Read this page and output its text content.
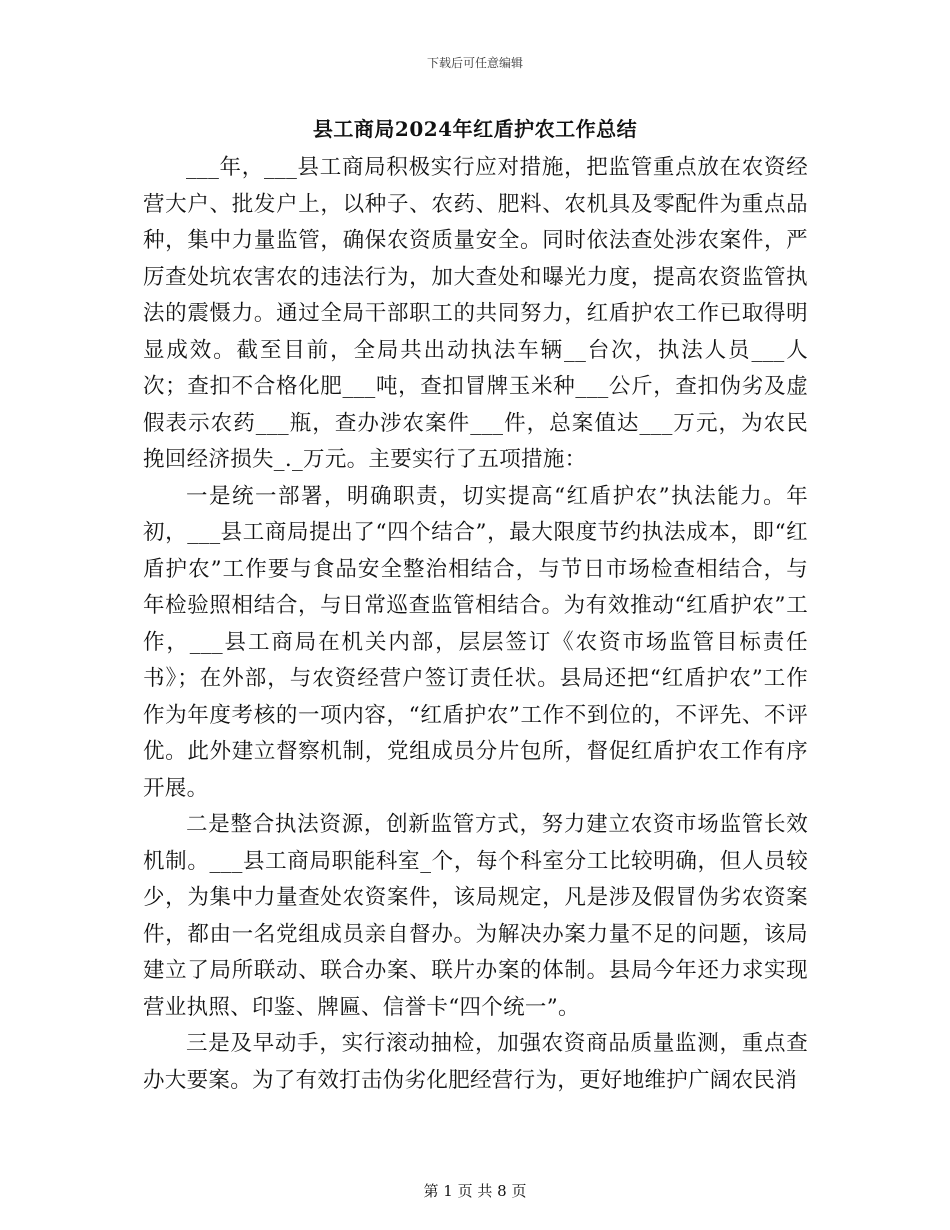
下载后可任意编辑
县工商局2024年红盾护农工作总结

___年，___县工商局积极实行应对措施，把监管重点放在农资经营大户、批发户上，以种子、农药、肥料、农机具及零配件为重点品种，集中力量监管，确保农资质量安全。同时依法查处涉农案件，严厉查处坑农害农的违法行为，加大查处和曝光力度，提高农资监管执法的震慑力。通过全局干部职工的共同努力，红盾护农工作已取得明显成效。截至目前，全局共出动执法车辆__台次，执法人员___人次；查扣不合格化肥___吨，查扣冒牌玉米种___公斤，查扣伪劣及虚假表示农药___瓶，查办涉农案件___件，总案值达___万元，为农民挽回经济损失_._万元。主要实行了五项措施：

一是统一部署，明确职责，切实提高“红盾护农”执法能力。年初，___县工商局提出了“四个结合”，最大限度节约执法成本，即“红盾护农”工作要与食品安全整治相结合，与节日市场检查相结合，与年检验照相结合，与日常巡查监管相结合。为有效推动“红盾护农”工作，___县工商局在机关内部，层层签订《农资市场监管目标责任书》；在外部，与农资经营户签订责任状。县局还把“红盾护农”工作作为年度考核的一项内容，“红盾护农”工作不到位的，不评先、不评优。此外建立督察机制，党组成员分片包所，督促红盾护农工作有序开展。

二是整合执法资源，创新监管方式，努力建立农资市场监管长效机制。___县工商局职能科室_个，每个科室分工比较明确，但人员较少，为集中力量查处农资案件，该局规定，凡是涉及假冒伪劣农资案件，都由一名党组成员亲自督办。为解决办案力量不足的问题，该局建立了局所联动、联合办案、联片办案的体制。县局今年还力求实现营业执照、印鉴、牌匾、信誉卡“四个统一”。

三是及早动手，实行滚动抽检，加强农资商品质量监测，重点查办大要案。为了有效打击伪劣化肥经营行为，更好地维护广阔农民消

第 1 页 共 8 页
